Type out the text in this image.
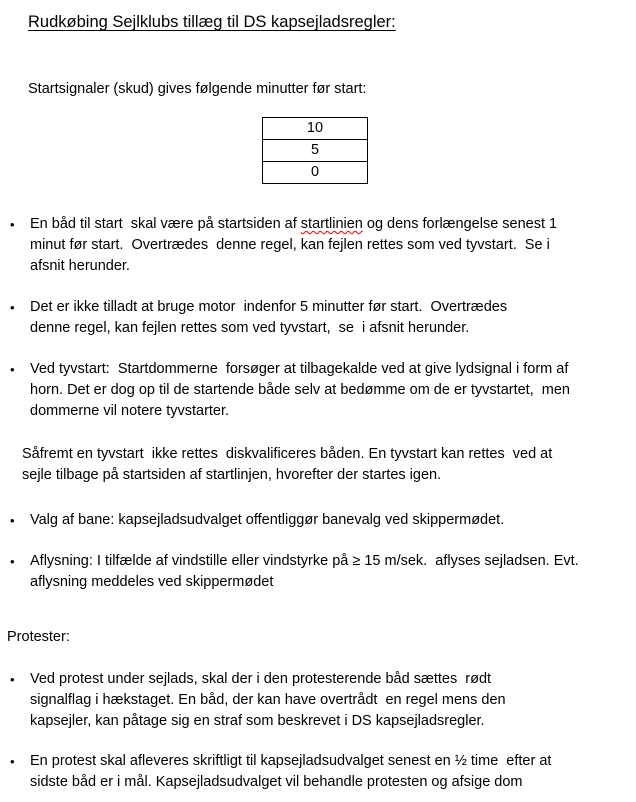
Rudkøbing Sejlklubs tillæg til DS kapsejladsregler:
Startsignaler (skud) gives følgende minutter før start:
10
5
0
•	En båd til start  skal være på startsiden af startlinien og dens forlængelse senest 1
minut før start.  Overtrædes  denne regel, kan fejlen rettes som ved tyvstart.  Se i
afsnit herunder.
•	Det er ikke tilladt at bruge motor  indenfor 5 minutter før start.  Overtrædes
denne regel, kan fejlen rettes som ved tyvstart,  se  i afsnit herunder.
•	Ved tyvstart:  Startdommerne  forsøger at tilbagekalde ved at give lydsignal i form af
horn. Det er dog op til de startende både selv at bedømme om de er tyvstartet,  men
dommerne vil notere tyvstarter.
Såfremt en tyvstart  ikke rettes  diskvalificeres båden. En tyvstart kan rettes  ved at
sejle tilbage på startsiden af startlinjen, hvorefter der startes igen.
•	Valg af bane: kapsejladsudvalget offentliggør banevalg ved skippermødet.
•	Aflysning: I tilfælde af vindstille eller vindstyrke på ≥ 15 m/sek.  aflyses sejladsen. Evt.
aflysning meddeles ved skippermødet
Protester:
•	Ved protest under sejlads, skal der i den protesterende båd sættes  rødt
signalflag i hækstaget. En båd, der kan have overtrådt  en regel mens den
kapsejler, kan påtage sig en straf som beskrevet i DS kapsejladsregler.
•	En protest skal afleveres skriftligt til kapsejladsudvalget senest en ½ time  efter at
sidste båd er i mål. Kapsejladsudvalget vil behandle protesten og afsige dom
